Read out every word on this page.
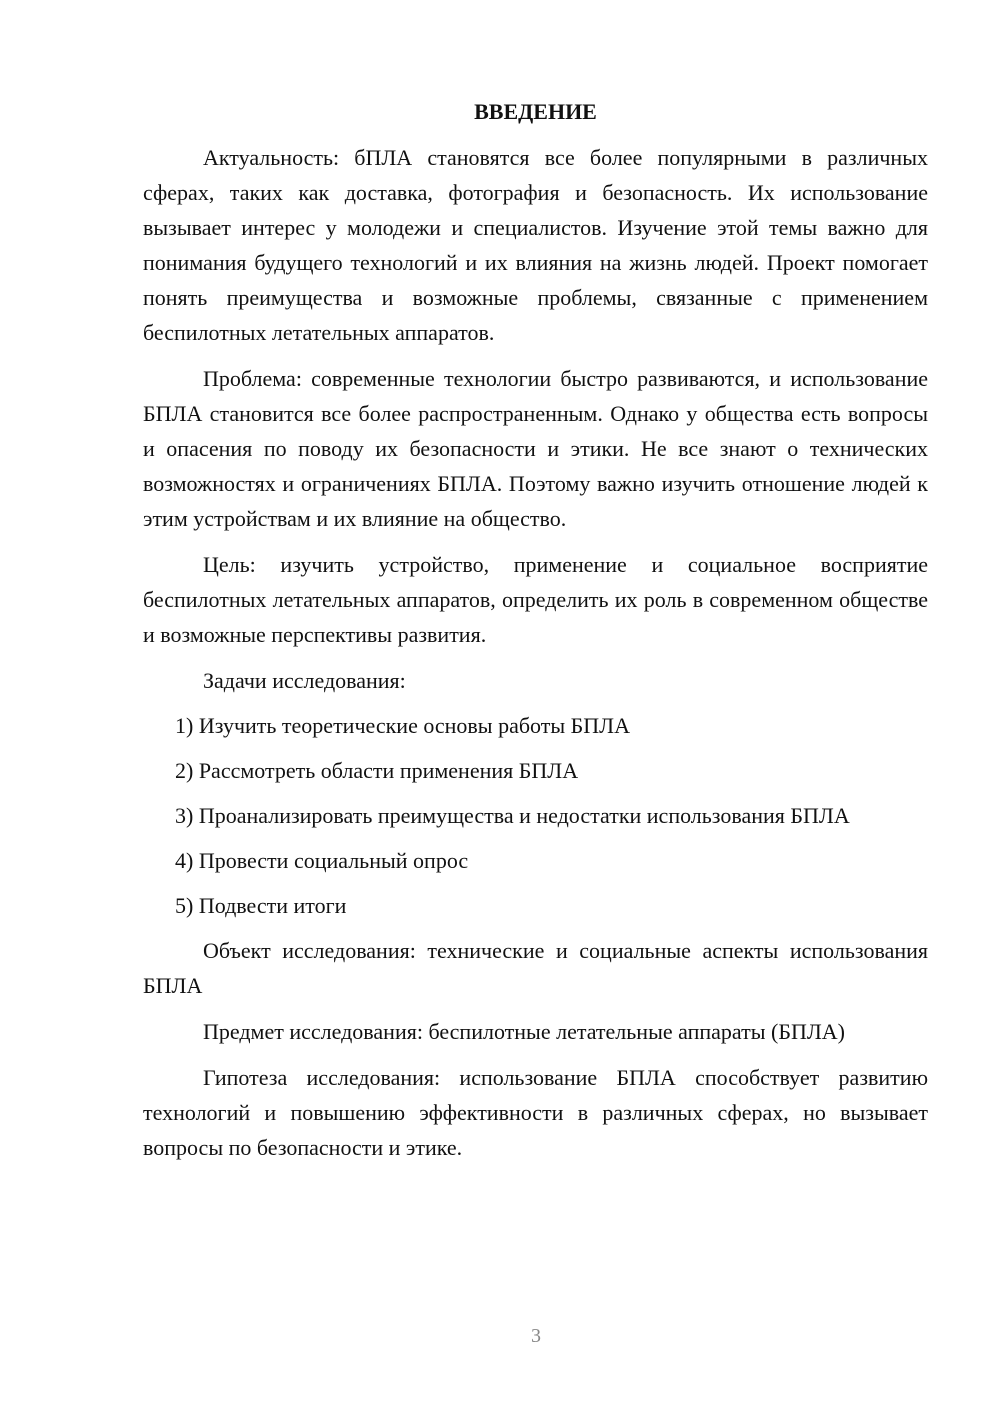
ВВЕДЕНИЕ

Актуальность: бПЛА становятся все более популярными в различных сферах, таких как доставка, фотография и безопасность. Их использование вызывает интерес у молодежи и специалистов. Изучение этой темы важно для понимания будущего технологий и их влияния на жизнь людей. Проект помогает понять преимущества и возможные проблемы, связанные с применением беспилотных летательных аппаратов.

Проблема: современные технологии быстро развиваются, и использование БПЛА становится все более распространенным. Однако у общества есть вопросы и опасения по поводу их безопасности и этики. Не все знают о технических возможностях и ограничениях БПЛА. Поэтому важно изучить отношение людей к этим устройствам и их влияние на общество.

Цель: изучить устройство, применение и социальное восприятие беспилотных летательных аппаратов, определить их роль в современном обществе и возможные перспективы развития.

Задачи исследования:

1) Изучить теоретические основы работы БПЛА

2) Рассмотреть области применения БПЛА

3) Проанализировать преимущества и недостатки использования БПЛА

4) Провести социальный опрос

5) Подвести итоги

Объект исследования: технические и социальные аспекты использования БПЛА

Предмет исследования: беспилотные летательные аппараты (БПЛА)

Гипотеза исследования: использование БПЛА способствует развитию технологий и повышению эффективности в различных сферах, но вызывает вопросы по безопасности и этике.

3
